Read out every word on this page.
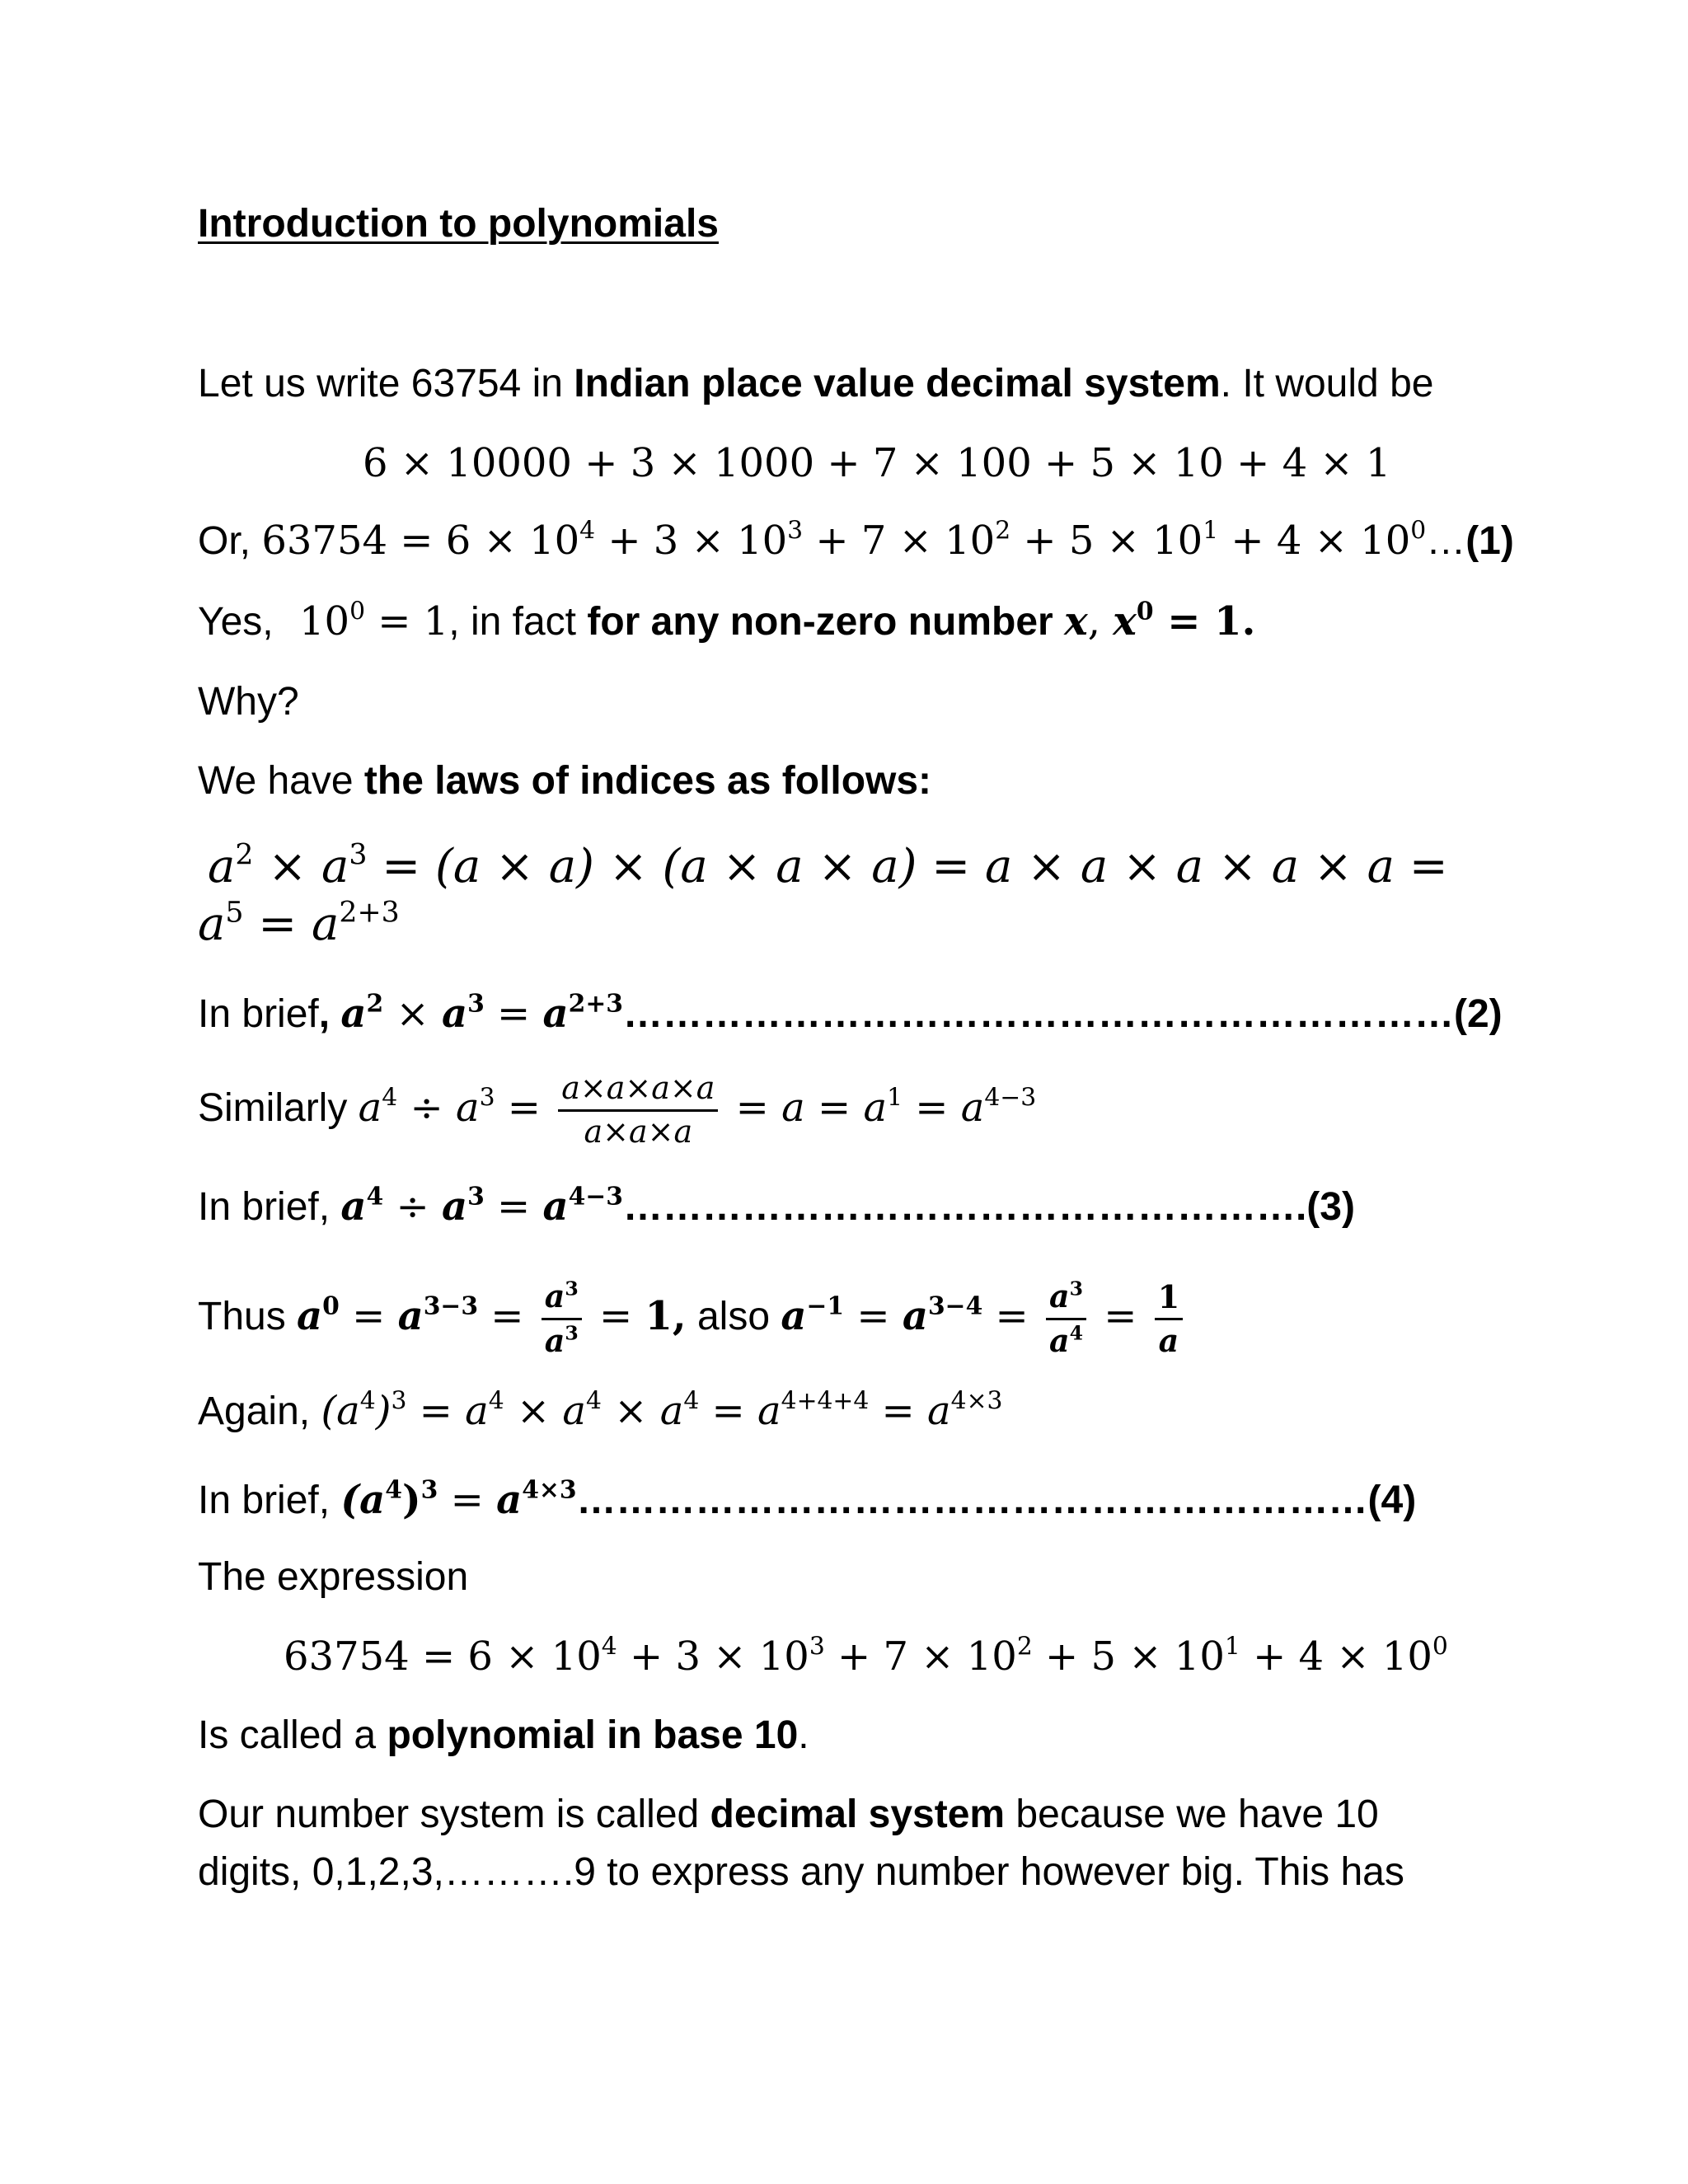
Introduction to polynomials
Let us write 63754 in Indian place value decimal system. It would be
6 × 10000 + 3 × 1000 + 7 × 100 + 5 × 10 + 4 × 1
Or, $63754 = 6 \times 10^4 + 3 \times 10^3 + 7 \times 10^2 + 5 \times 10^1 + 4$ × $10^0\dots(1)$
Yes, $10^0 = 1$, in fact for any non-zero number x, $x^0 = 1$.
Why?
We have the laws of indices as follows:
$a^2 \times a^3 = (a \times a) \times (a \times a \times a) = a \times a \times a \times a \times a$ =
$a^5 = a^{2+3}$
In brief, $a^2 \times a^3$ = $a^{2+3}\dots\dots\dots\dots\dots\dots\dots\dots\dots\dots\dots\dots\dots\dots\dots\dots\dots\dots\dots\dots\dots(2)$
Similarly $a^4 \div a^3 = \frac{a\times a\times a\times a}{a\times a\times a} = a = a^1 = a^{4-3}$
In brief, $a^4 \div a^3$ = $a^{4-3}\dots\dots\dots\dots\dots\dots\dots\dots\dots\dots\dots\dots\dots\dots\dots\dots\dots.(3)$
Thus $a^0 = a^{3-3} = \frac{a^3}{a^3} = 1$, also $a^{-1} = a^{3-4} = \frac{a^3}{a^4} = \frac{1}{a}$
Again, $(a^4)^3 = a^4 \times a^4 \times a^4 = a^{4+4+4} = a^{4\times 3}$
In brief, $(a^4)^3$ = $a^{4\times 3}\dots\dots\dots\dots\dots\dots\dots\dots\dots\dots\dots\dots\dots\dots\dots\dots\dots\dots\dots\dots(4)$
The expression
$63754 = 6 \times 10^4 + 3 \times 10^3 + 7 \times 10^2 + 5 \times 10^1 + 4 \times 10^0$
Is called a polynomial in base 10.
Our number system is called decimal system because we have 10
digits, 0,1,2,3,……….9 to express any number however big. This has
